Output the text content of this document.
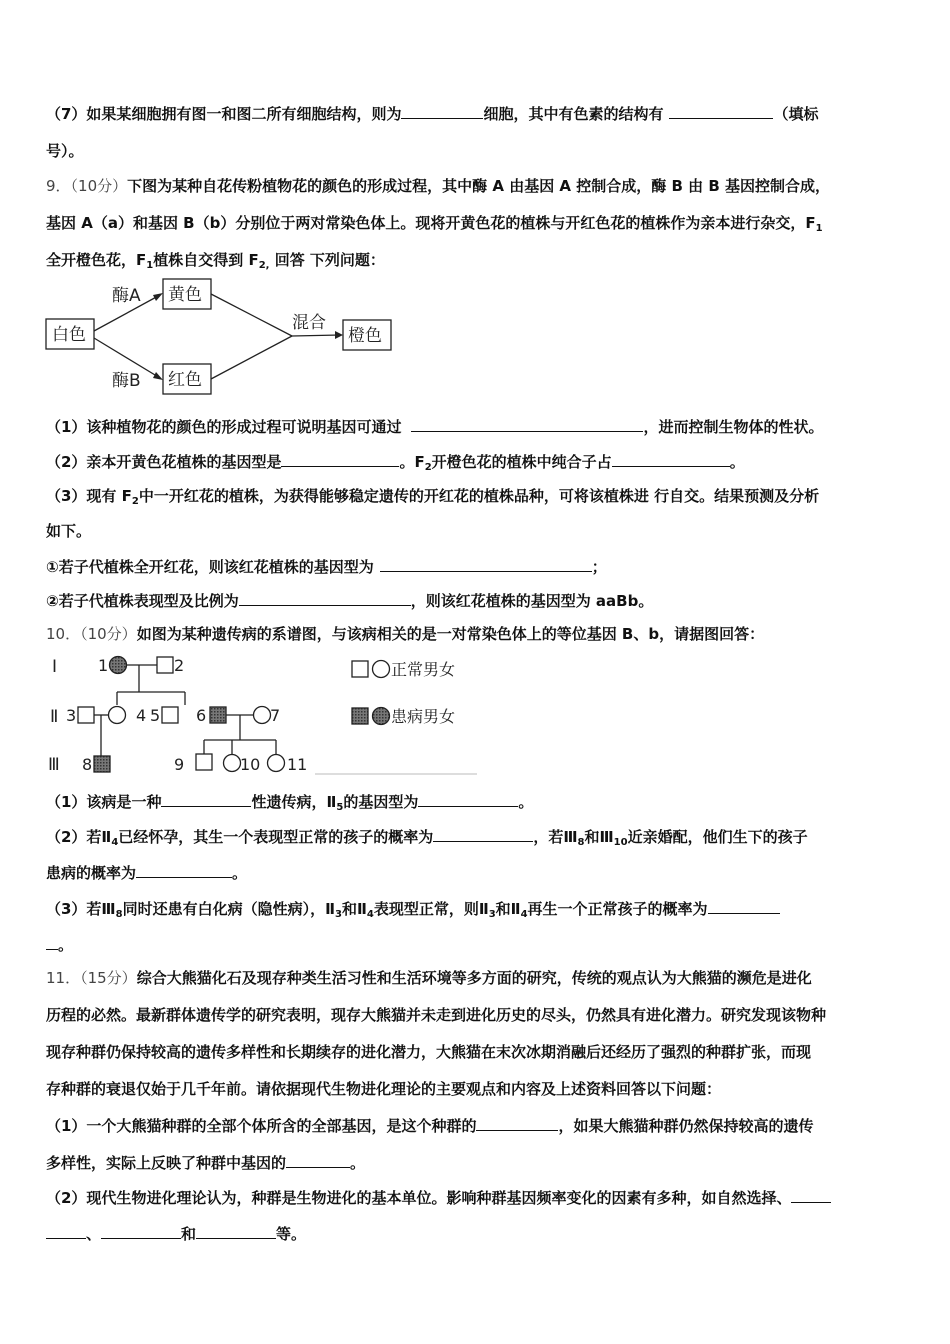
（7）如果某细胞拥有图一和图二所有细胞结构，则为	细胞，其中有色素的结构有	（填标
号）。
9．（10分）下图为某种自花传粉植物花的颜色的形成过程，其中酶 A 由基因 A 控制合成，酶 B 由 B 基因控制合成，
基因 A（a）和基因 B（b）分别位于两对常染色体上。现将开黄色花的植株与开红色花的植株作为亲本进行杂交，$F_1$
全开橙色花，$F_1$植株自交得到 $F_{2,}$ 回答 下列问题：
白色
黄色
红色
橙色
酶A
酶B
混合
（1）该种植物花的颜色的形成过程可说明基因可通过	，进而控制生物体的性状。
（2）亲本开黄色花植株的基因型是	。$F_2$开橙色花的植株中纯合子占	。
（3）现有 $F_2$中一开红花的植株，为获得能够稳定遗传的开红花的植株品种，可将该植株进 行自交。结果预测及分析
如下。
①若子代植株全开红花，则该红花植株的基因型为	；
②若子代植株表现型及比例为	，则该红花植株的基因型为 aaBb。
10．（10分）如图为某种遗传病的系谱图，与该病相关的是一对常染色体上的等位基因 B、b，请据图回答：
Ⅰ
Ⅱ
Ⅲ
1	2
3	4 5 6	7
8	9	10 11
正常男女
患病男女
（1）该病是一种	性遗传病，$Ⅱ_5$的基因型为	。
（2）若$Ⅱ_4$已经怀孕，其生一个表现型正常的孩子的概率为	，若$Ⅲ_8$和$Ⅲ_{10}$近亲婚配，他们生下的孩子
患病的概率为	。
（3）若$Ⅲ_8$同时还患有白化病（隐性病），$Ⅱ_3$和$Ⅱ_4$表现型正常，则$Ⅱ_3$和$Ⅱ_4$再生一个正常孩子的概率为
。
11．（15分）综合大熊猫化石及现存种类生活习性和生活环境等多方面的研究，传统的观点认为大熊猫的濒危是进化
历程的必然。最新群体遗传学的研究表明，现存大熊猫并未走到进化历史的尽头，仍然具有进化潜力。研究发现该物种
现存种群仍保持较高的遗传多样性和长期续存的进化潜力，大熊猫在末次冰期消融后还经历了强烈的种群扩张，而现
存种群的衰退仅始于几千年前。请依据现代生物进化理论的主要观点和内容及上述资料回答以下问题：
（1）一个大熊猫种群的全部个体所含的全部基因，是这个种群的	，如果大熊猫种群仍然保持较高的遗传
多样性，实际上反映了种群中基因的	。
（2）现代生物进化理论认为，种群是生物进化的基本单位。影响种群基因频率变化的因素有多种，如自然选择、
、	和	等。
